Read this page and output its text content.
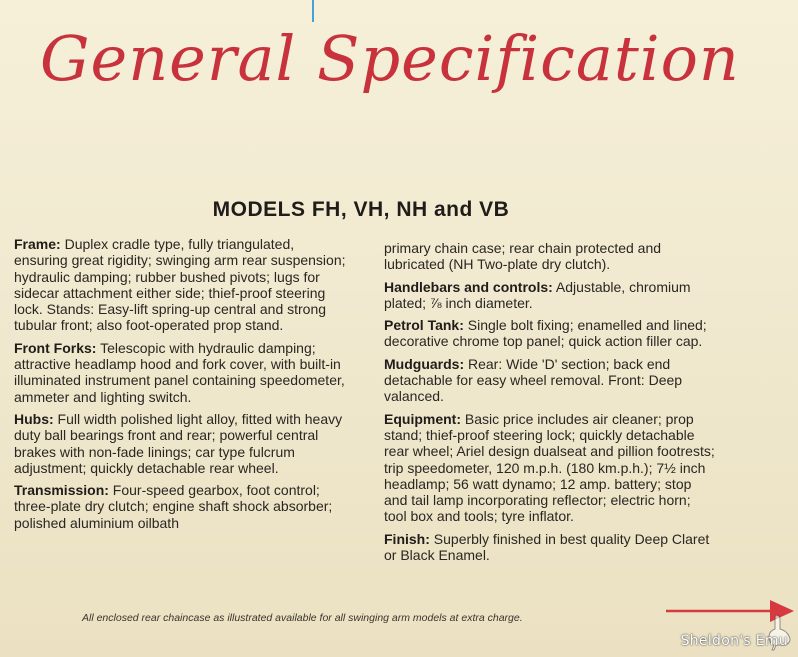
General Specification
MODELS FH, VH, NH and VB
Frame: Duplex cradle type, fully triangulated, ensuring great rigidity; swinging arm rear suspension; hydraulic damping; rubber bushed pivots; lugs for sidecar attachment either side; thief-proof steering lock. Stands: Easy-lift spring-up central and strong tubular front; also foot-operated prop stand.
Front Forks: Telescopic with hydraulic damping; attractive headlamp hood and fork cover, with built-in illuminated instrument panel containing speedometer, ammeter and lighting switch.
Hubs: Full width polished light alloy, fitted with heavy duty ball bearings front and rear; powerful central brakes with non-fade linings; car type fulcrum adjustment; quickly detachable rear wheel.
Transmission: Four-speed gearbox, foot control; three-plate dry clutch; engine shaft shock absorber; polished aluminium oilbath
primary chain case; rear chain protected and lubricated (NH Two-plate dry clutch).
Handlebars and controls: Adjustable, chromium plated; ⅞ inch diameter.
Petrol Tank: Single bolt fixing; enamelled and lined; decorative chrome top panel; quick action filler cap.
Mudguards: Rear: Wide 'D' section; back end detachable for easy wheel removal. Front: Deep valanced.
Equipment: Basic price includes air cleaner; prop stand; thief-proof steering lock; quickly detachable rear wheel; Ariel design dualseat and pillion footrests; trip speedometer, 120 m.p.h. (180 km.p.h.); 7½ inch headlamp; 56 watt dynamo; 12 amp. battery; stop and tail lamp incorporating reflector; electric horn; tool box and tools; tyre inflator.
Finish: Superbly finished in best quality Deep Claret or Black Enamel.
All enclosed rear chaincase as illustrated available for all swinging arm models at extra charge.
Sheldon's Emu
